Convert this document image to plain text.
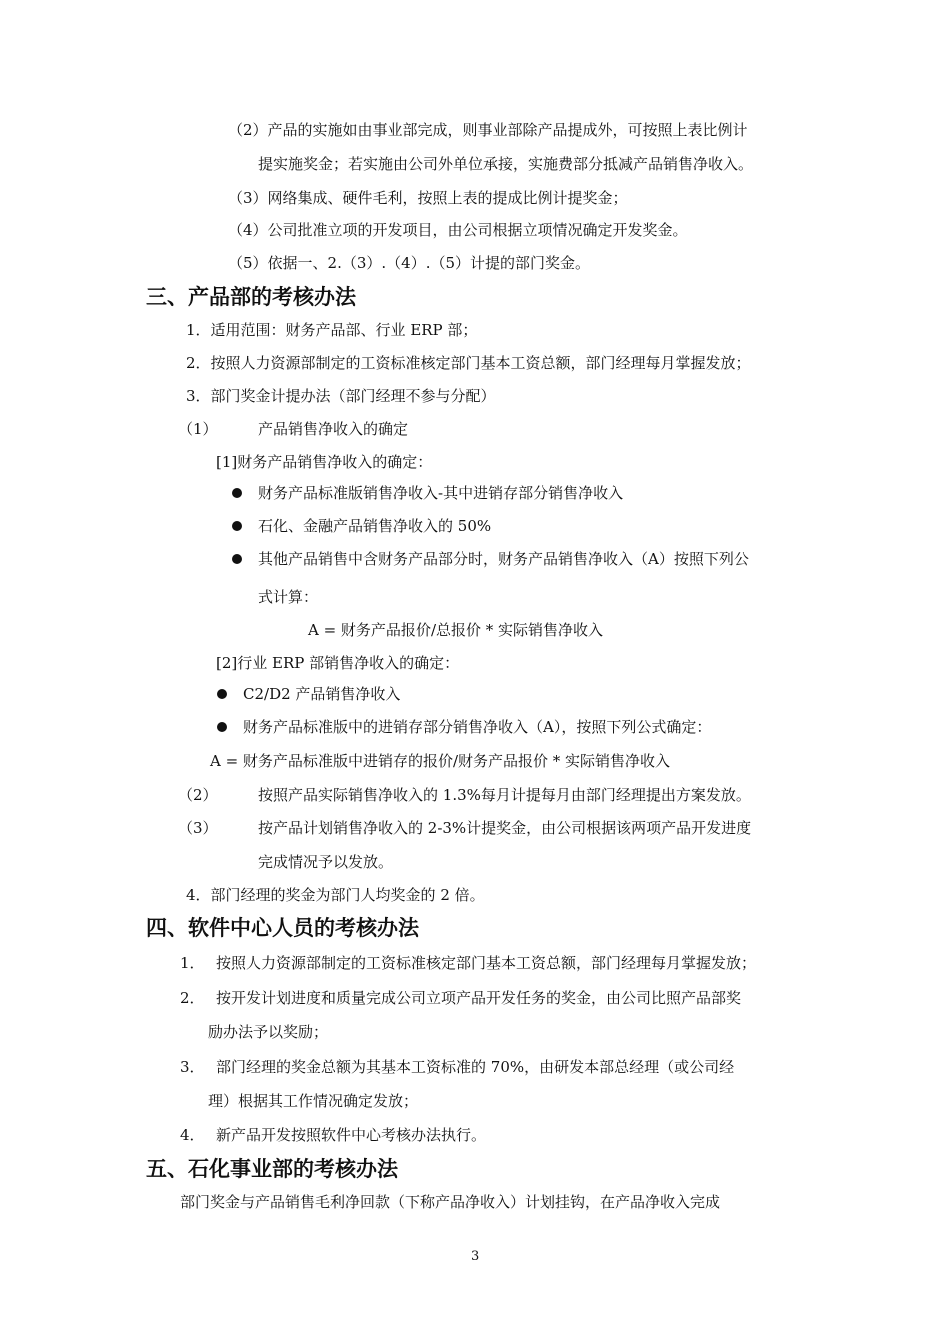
（2）产品的实施如由事业部完成，则事业部除产品提成外，可按照上表比例计
提实施奖金；若实施由公司外单位承接，实施费部分抵减产品销售净收入。
（3）网络集成、硬件毛利，按照上表的提成比例计提奖金；
（4）公司批准立项的开发项目，由公司根据立项情况确定开发奖金。
（5）依据一、2.（3）.（4）.（5）计提的部门奖金。
三、产品部的考核办法
1．适用范围：财务产品部、行业 ERP 部；
2．按照人力资源部制定的工资标准核定部门基本工资总额，部门经理每月掌握发放；
3．部门奖金计提办法（部门经理不参与分配）
（1）	产品销售净收入的确定
[1]财务产品销售净收入的确定：
财务产品标准版销售净收入-其中进销存部分销售净收入
石化、金融产品销售净收入的 50%
其他产品销售中含财务产品部分时，财务产品销售净收入（A）按照下列公
式计算：
A = 财务产品报价/总报价 * 实际销售净收入
[2]行业 ERP 部销售净收入的确定：
C2/D2 产品销售净收入
财务产品标准版中的进销存部分销售净收入（A），按照下列公式确定：
A = 财务产品标准版中进销存的报价/财务产品报价 * 实际销售净收入
（2）	按照产品实际销售净收入的 1.3%每月计提每月由部门经理提出方案发放。
（3）	按产品计划销售净收入的 2-3%计提奖金，由公司根据该两项产品开发进度
完成情况予以发放。
4．部门经理的奖金为部门人均奖金的 2 倍。
四、软件中心人员的考核办法
1． 按照人力资源部制定的工资标准核定部门基本工资总额，部门经理每月掌握发放；
2． 按开发计划进度和质量完成公司立项产品开发任务的奖金，由公司比照产品部奖
励办法予以奖励；
3． 部门经理的奖金总额为其基本工资标准的 70%，由研发本部总经理（或公司经
理）根据其工作情况确定发放；
4． 新产品开发按照软件中心考核办法执行。
五、石化事业部的考核办法
部门奖金与产品销售毛利净回款（下称产品净收入）计划挂钩，在产品净收入完成
3
